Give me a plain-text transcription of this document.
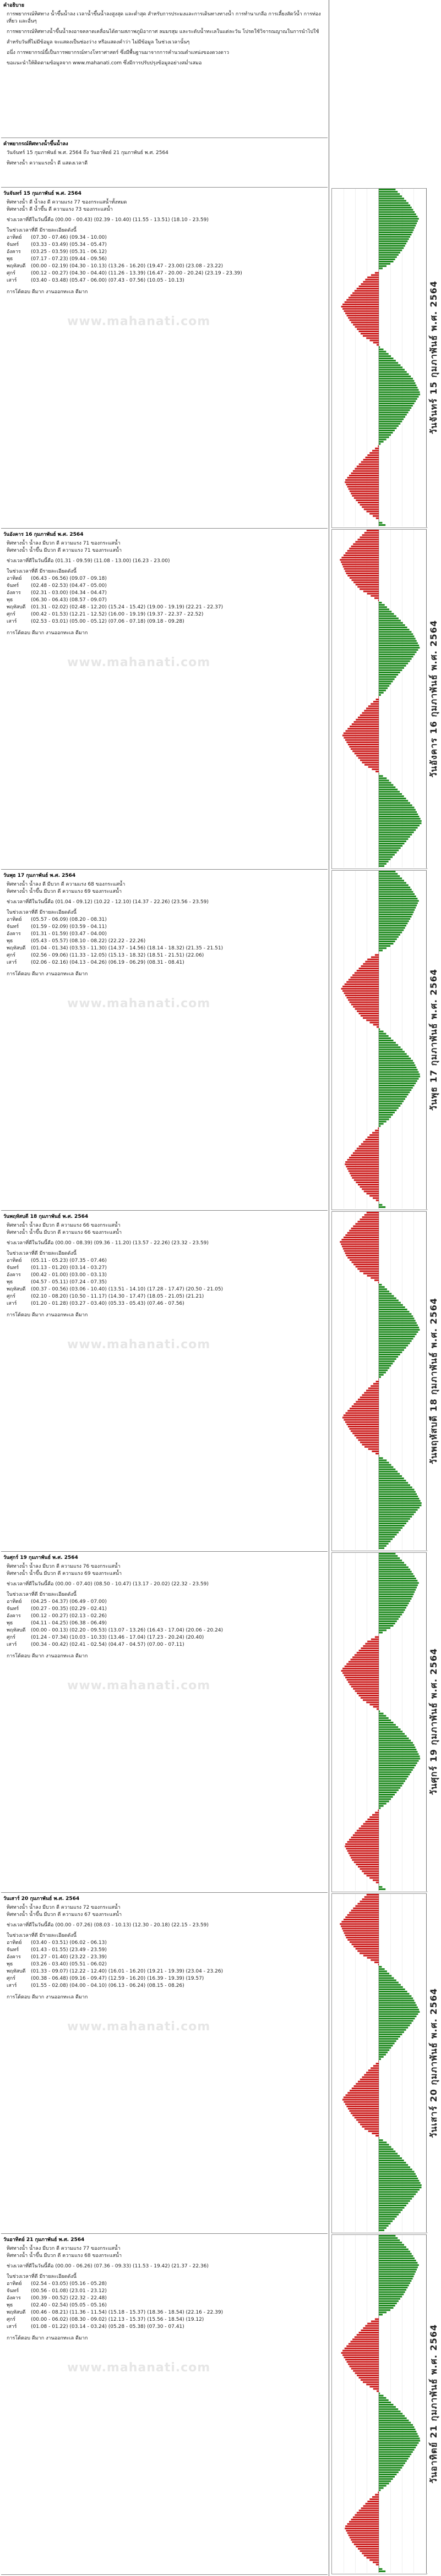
คำอธิบาย

การพยากรณ์ทิศทาง น้ำขึ้นน้ำลง เวลาน้ำขึ้นน้ำลงสูงสุด และต่ำสุด สำหรับการประมงและการเดินทางทางน้ำ การทำนาเกลือ การเลี้ยงสัตว์น้ำ การท่องเที่ยว และอื่นๆ

การพยากรณ์ทิศทางน้ำขึ้นน้ำลงอาจคลาดเคลื่อนได้ตามสภาพภูมิอากาศ ลมมรสุม และระดับน้ำทะเลในแต่ละวัน โปรดใช้วิจารณญาณในการนำไปใช้

สำหรับวันที่ไม่มีข้อมูล จะแสดงเป็นช่องว่าง หรือแสดงคำว่า ไม่มีข้อมูล ในช่วงเวลานั้นๆ

อนึ่ง การพยากรณ์นี้เป็นการพยากรณ์ทางโหราศาสตร์ ซึ่งมีพื้นฐานมาจากการคำนวณตำแหน่งของดวงดาว

ขอแนะนำให้ติดตามข้อมูลจาก www.mahanati.com ซึ่งมีการปรับปรุงข้อมูลอย่างสม่ำเสมอ

คำพยากรณ์ทิศทางน้ำขึ้นน้ำลง

วันจันทร์ 15 กุมภาพันธ์ พ.ศ. 2564 ถึง วันอาทิตย์ 21 กุมภาพันธ์ พ.ศ. 2564

ทิศทางน้ำ ความแรงน้ำ ดี แสดงเวลาดี

www.mahanati.com
วันจันทร์ 15 กุมภาพันธ์ พ.ศ. 2564

ทิศทางน้ำ ดี น้ำลง ดี ความแรง 77 ของกระแสน้ำทั้งหมด

ทิศทางน้ำ ดี น้ำขึ้น ดี ความแรง 73 ของกระแสน้ำ

ช่วงเวลาที่ดีในวันนี้คือ (00.00 - 00.43) (02.39 - 10.40) (11.55 - 13.51) (18.10 - 23.59)

ในช่วงเวลาที่ดี มีรายละเอียดดังนี้

อาทิตย์	(07.30 - 07.46) (09.34 - 10.00)
จันทร์	(03.33 - 03.49) (05.34 - 05.47)
อังคาร	(03.25 - 03.59) (05.31 - 06.12)
พุธ	(07.17 - 07.23) (09.44 - 09.56)
พฤหัสบดี	(00.00 - 02.19) (04.30 - 10.13) (13.26 - 16.20) (19.47 - 23.00) (23.08 - 23.22)
ศุกร์	(00.12 - 00.27) (04.30 - 04.40) (11.26 - 13.39) (16.47 - 20.00 - 20.24) (23.19 - 23.39)
เสาร์	(03.40 - 03.48) (05.47 - 06.00) (07.43 - 07.56) (10.05 - 10.13)

การโต้ตอบ ดีมาก งานออกทะเล ดีมาก

www.mahanati.com
วันอังคาร 16 กุมภาพันธ์ พ.ศ. 2564

ทิศทางน้ำ น้ำลง มีบวก ดี ความแรง 71 ของกระแสน้ำ

ทิศทางน้ำ น้ำขึ้น มีบวก ดี ความแรง 71 ของกระแสน้ำ

ช่วงเวลาที่ดีในวันนี้คือ (01.31 - 09.59) (11.08 - 13.00) (16.23 - 23.00)

ในช่วงเวลาที่ดี มีรายละเอียดดังนี้

อาทิตย์	(06.43 - 06.56) (09.07 - 09.18)
จันทร์	(02.48 - 02.53) (04.47 - 05.00)
อังคาร	(02.31 - 03.00) (04.34 - 04.47)
พุธ	(06.30 - 06.43) (08.57 - 09.07)
พฤหัสบดี	(01.31 - 02.02) (02.48 - 12.20) (15.24 - 15.42) (19.00 - 19.19) (22.21 - 22.37)
ศุกร์	(00.42 - 01.53) (12.21 - 12.52) (16.00 - 19.19) (19.37 - 22.37 - 22.52)
เสาร์	(02.53 - 03.01) (05.00 - 05.12) (07.06 - 07.18) (09.18 - 09.28)

การโต้ตอบ ดีมาก งานออกทะเล ดีมาก

www.mahanati.com
วันพุธ 17 กุมภาพันธ์ พ.ศ. 2564

ทิศทางน้ำ น้ำลง ดี มีบวก ดี ความแรง 68 ของกระแสน้ำ

ทิศทางน้ำ น้ำขึ้น มีบวก ดี ความแรง 69 ของกระแสน้ำ

ช่วงเวลาที่ดีในวันนี้คือ (01.04 - 09.12) (10.22 - 12.10) (14.37 - 22.26) (23.56 - 23.59)

ในช่วงเวลาที่ดี มีรายละเอียดดังนี้

อาทิตย์	(05.57 - 06.09) (08.20 - 08.31)
จันทร์	(01.59 - 02.09) (03.59 - 04.11)
อังคาร	(01.31 - 01.59) (03.47 - 04.00)
พุธ	(05.43 - 05.57) (08.10 - 08.22) (22.22 - 22.26)
พฤหัสบดี	(01.04 - 01.34) (03.53 - 11.30) (14.37 - 14.56) (18.14 - 18.32) (21.35 - 21.51)
ศุกร์	(02.56 - 09.06) (11.33 - 12.05) (15.13 - 18.32) (18.51 - 21.51) (22.06)
เสาร์	(02.06 - 02.16) (04.13 - 04.26) (06.19 - 06.29) (08.31 - 08.41)

การโต้ตอบ ดีมาก งานออกทะเล ดีมาก

www.mahanati.com
วันพฤหัสบดี 18 กุมภาพันธ์ พ.ศ. 2564

ทิศทางน้ำ น้ำลง มีบวก ดี ความแรง 66 ของกระแสน้ำ

ทิศทางน้ำ น้ำขึ้น มีบวก ดี ความแรง 66 ของกระแสน้ำ

ช่วงเวลาที่ดีในวันนี้คือ (00.00 - 08.39) (09.36 - 11.20) (13.57 - 22.26) (23.32 - 23.59)

ในช่วงเวลาที่ดี มีรายละเอียดดังนี้

อาทิตย์	(05.11 - 05.23) (07.35 - 07.46)
จันทร์	(01.13 - 01.20) (03.14 - 03.27)
อังคาร	(00.42 - 01.00) (03.00 - 03.13)
พุธ	(04.57 - 05.11) (07.24 - 07.35)
พฤหัสบดี	(00.37 - 00.56) (03.06 - 10.40) (13.51 - 14.10) (17.28 - 17.47) (20.50 - 21.05)
ศุกร์	(02.10 - 08.20) (10.50 - 11.17) (14.30 - 17.47) (18.05 - 21.05) (21.21)
เสาร์	(01.20 - 01.28) (03.27 - 03.40) (05.33 - 05.43) (07.46 - 07.56)

การโต้ตอบ ดีมาก งานออกทะเล ดีมาก

www.mahanati.com
วันศุกร์ 19 กุมภาพันธ์ พ.ศ. 2564

ทิศทางน้ำ น้ำลง มีบวก ดี ความแรง 76 ของกระแสน้ำ

ทิศทางน้ำ น้ำขึ้น มีบวก ดี ความแรง 69 ของกระแสน้ำ

ช่วงเวลาที่ดีในวันนี้คือ (00.00 - 07.40) (08.50 - 10.47) (13.17 - 20.02) (22.32 - 23.59)

ในช่วงเวลาที่ดี มีรายละเอียดดังนี้

อาทิตย์	(04.25 - 04.37) (06.49 - 07.00)
จันทร์	(00.27 - 00.35) (02.29 - 02.41)
อังคาร	(00.12 - 00.27) (02.13 - 02.26)
พุธ	(04.11 - 04.25) (06.38 - 06.49)
พฤหัสบดี	(00.00 - 00.13) (02.20 - 09.53) (13.07 - 13.26) (16.43 - 17.04) (20.06 - 20.24)
ศุกร์	(01.24 - 07.34) (10.03 - 10.33) (13.46 - 17.04) (17.23 - 20.24) (20.40)
เสาร์	(00.34 - 00.42) (02.41 - 02.54) (04.47 - 04.57) (07.00 - 07.11)

การโต้ตอบ ดีมาก งานออกทะเล ดีมาก

www.mahanati.com
วันเสาร์ 20 กุมภาพันธ์ พ.ศ. 2564

ทิศทางน้ำ น้ำลง มีบวก ดี ความแรง 72 ของกระแสน้ำ

ทิศทางน้ำ น้ำขึ้น มีบวก ดี ความแรง 67 ของกระแสน้ำ

ช่วงเวลาที่ดีในวันนี้คือ (00.00 - 07.26) (08.03 - 10.13) (12.30 - 20.18) (22.15 - 23.59)

ในช่วงเวลาที่ดี มีรายละเอียดดังนี้

อาทิตย์	(03.40 - 03.51) (06.02 - 06.13)
จันทร์	(01.43 - 01.55) (23.49 - 23.59)
อังคาร	(01.27 - 01.40) (23.22 - 23.39)
พุธ	(03.26 - 03.40) (05.51 - 06.02)
พฤหัสบดี	(01.33 - 09.07) (12.22 - 12.40) (16.01 - 16.20) (19.21 - 19.39) (23.04 - 23.26)
ศุกร์	(00.38 - 06.48) (09.16 - 09.47) (12.59 - 16.20) (16.39 - 19.39) (19.57)
เสาร์	(01.55 - 02.08) (04.00 - 04.10) (06.13 - 06.24) (08.15 - 08.26)

การโต้ตอบ ดีมาก งานออกทะเล ดีมาก

www.mahanati.com
วันอาทิตย์ 21 กุมภาพันธ์ พ.ศ. 2564

ทิศทางน้ำ น้ำลง มีบวก ดี ความแรง 77 ของกระแสน้ำ

ทิศทางน้ำ น้ำขึ้น มีบวก ดี ความแรง 68 ของกระแสน้ำ

ช่วงเวลาที่ดีในวันนี้คือ (00.00 - 06.26) (07.36 - 09.33) (11.53 - 19.42) (21.37 - 22.36)

ในช่วงเวลาที่ดี มีรายละเอียดดังนี้

อาทิตย์	(02.54 - 03.05) (05.16 - 05.28)
จันทร์	(00.56 - 01.08) (23.01 - 23.12)
อังคาร	(00.39 - 00.52) (22.32 - 22.48)
พุธ	(02.40 - 02.54) (05.05 - 05.16)
พฤหัสบดี	(00.46 - 08.21) (11.36 - 11.54) (15.18 - 15.37) (18.36 - 18.54) (22.16 - 22.39)
ศุกร์	(00.00 - 06.02) (08.30 - 09.02) (12.13 - 15.37) (15.56 - 18.54) (19.12)
เสาร์	(01.08 - 01.22) (03.14 - 03.24) (05.28 - 05.38) (07.30 - 07.41)

การโต้ตอบ ดีมาก งานออกทะเล ดีมาก

วันจันทร์ 15 กุมภาพันธ์ พ.ศ. 2564
วันอังคาร 16 กุมภาพันธ์ พ.ศ. 2564
วันพุธ 17 กุมภาพันธ์ พ.ศ. 2564
วันพฤหัสบดี 18 กุมภาพันธ์ พ.ศ. 2564
วันศุกร์ 19 กุมภาพันธ์ พ.ศ. 2564
วันเสาร์ 20 กุมภาพันธ์ พ.ศ. 2564
วันอาทิตย์ 21 กุมภาพันธ์ พ.ศ. 2564
